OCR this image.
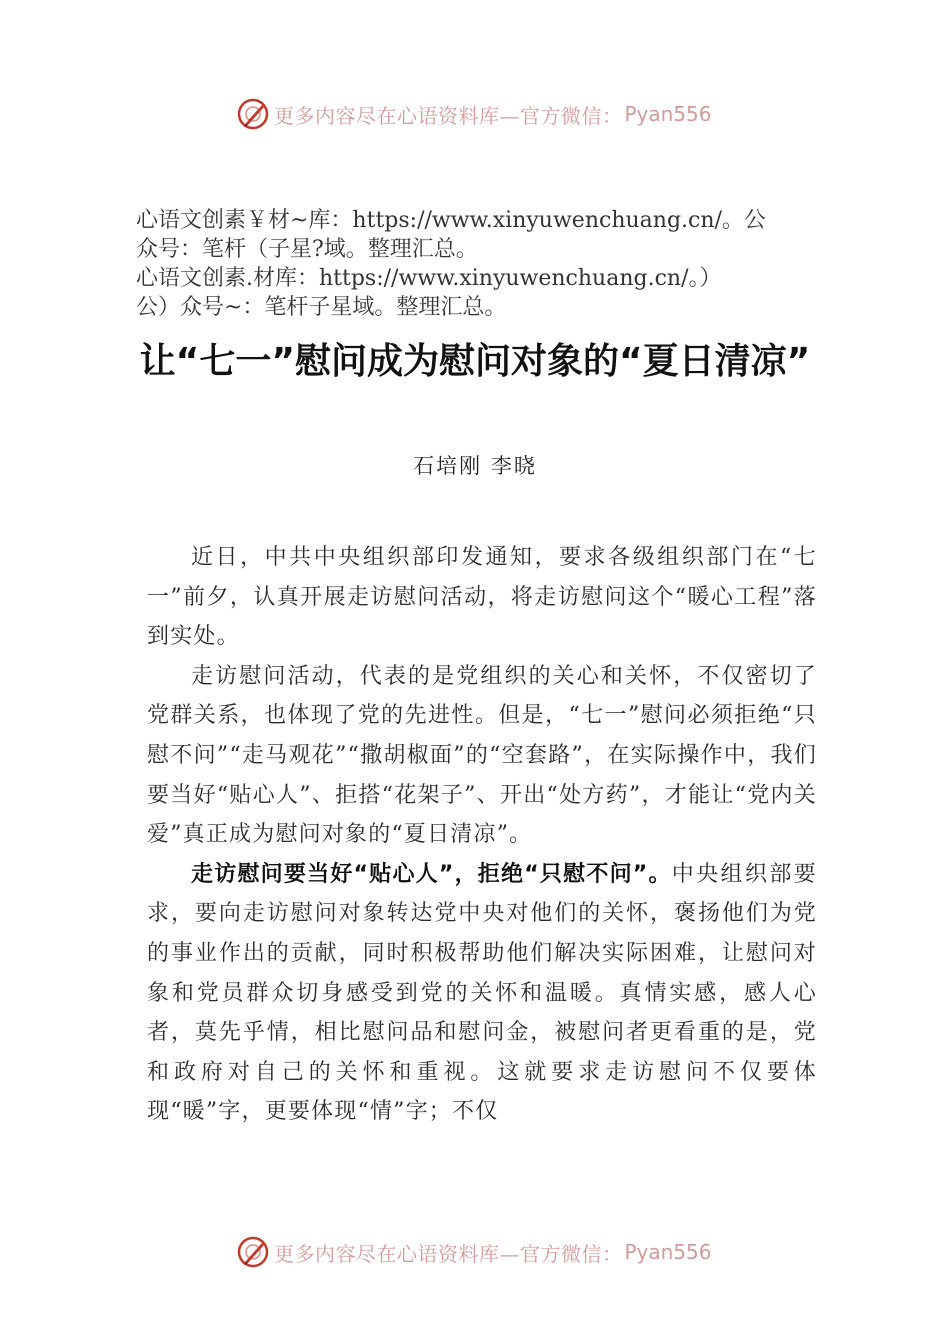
更多内容尽在心语资料库—官方微信： Pyan556
心语文创素￥材~库：https://www.xinyuwenchuang.cn/。公
众号：笔杆（子星?域。整理汇总。
心语文创素.材库：https://www.xinyuwenchuang.cn/。）
公）众号~：笔杆子星域。整理汇总。
让“七一”慰问成为慰问对象的“夏日清凉”
石培刚 李晓

近日，中共中央组织部印发通知，要求各级组织部门在“七一”前夕，认真开展走访慰问活动，将走访慰问这个“暖心工程”落到实处。

走访慰问活动，代表的是党组织的关心和关怀，不仅密切了党群关系，也体现了党的先进性。但是，“七一”慰问必须拒绝“只慰不问”“走马观花”“撒胡椒面”的“空套路”，在实际操作中，我们要当好“贴心人”、拒搭“花架子”、开出“处方药”，才能让“党内关爱”真正成为慰问对象的“夏日清凉”。

走访慰问要当好“贴心人”，拒绝“只慰不问”。中央组织部要求，要向走访慰问对象转达党中央对他们的关怀，褒扬他们为党的事业作出的贡献，同时积极帮助他们解决实际困难，让慰问对象和党员群众切身感受到党的关怀和温暖。真情实感，感人心者，莫先乎情，相比慰问品和慰问金，被慰问者更看重的是，党和政府对自己的关怀和重视。这就要求走访慰问不仅要体现“暖”字，更要体现“情”字；不仅

更多内容尽在心语资料库—官方微信： Pyan556
